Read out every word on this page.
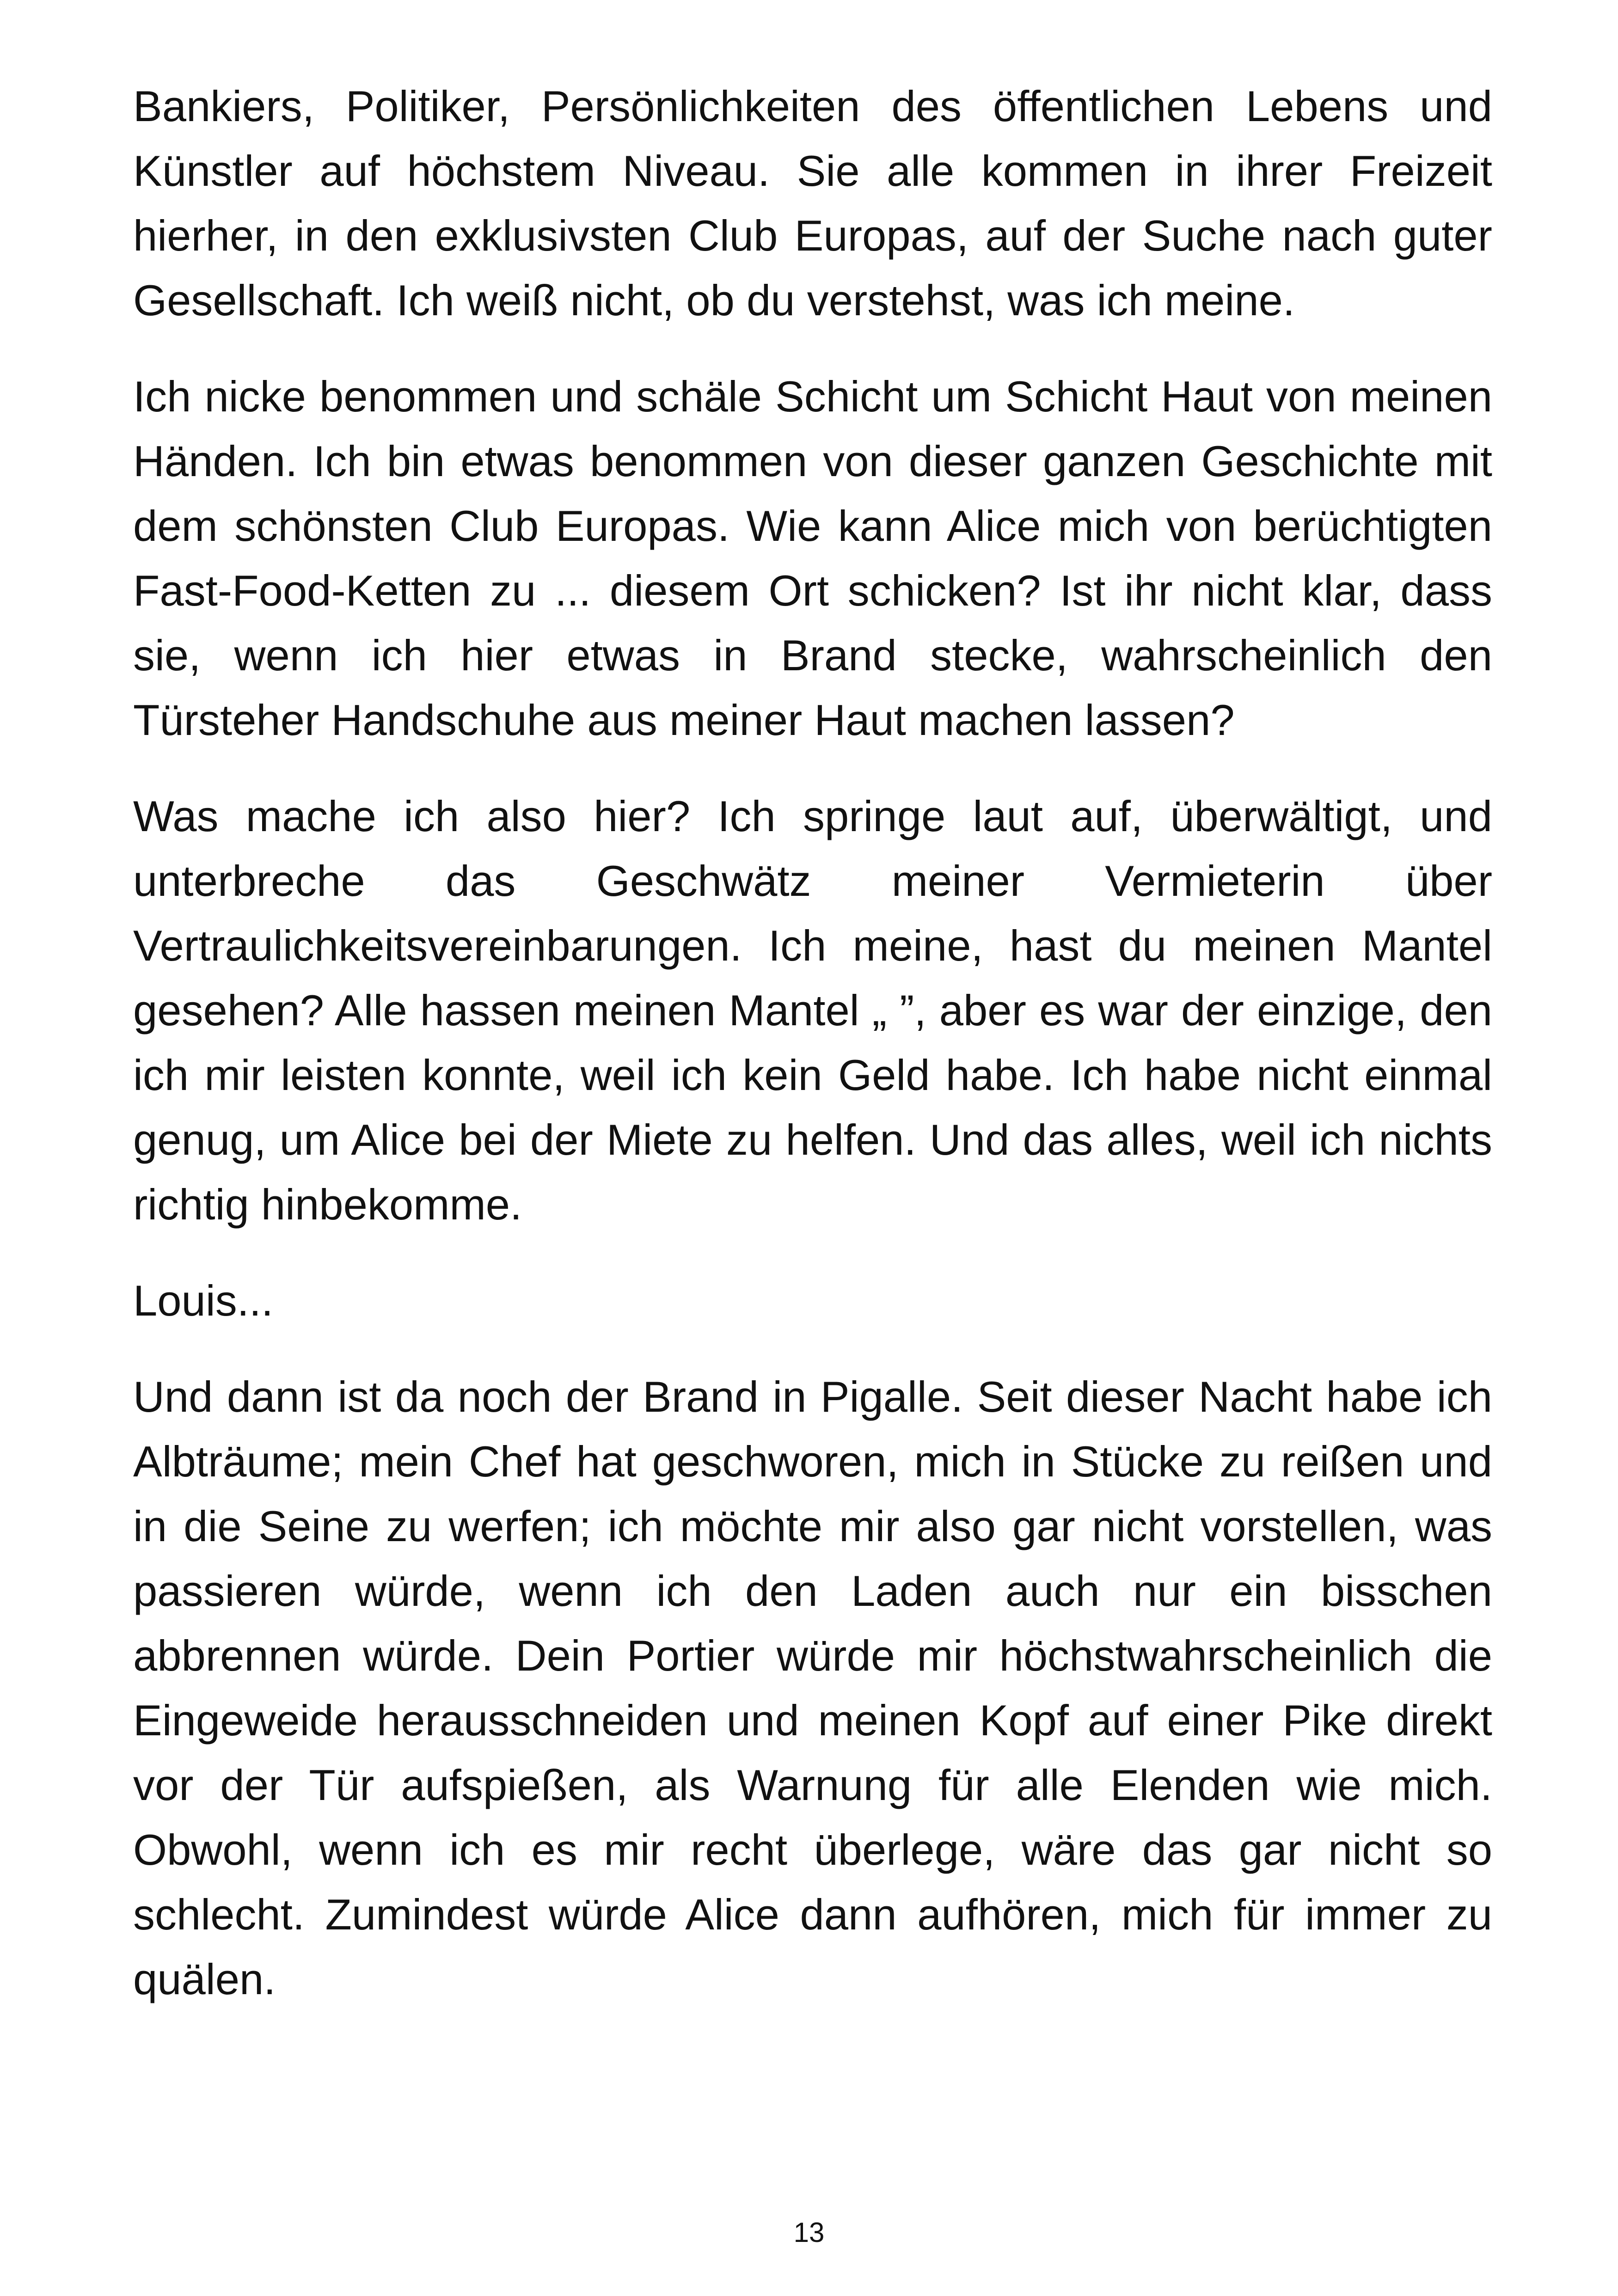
Bankiers, Politiker, Persönlichkeiten des öffentlichen Lebens und Künstler auf höchstem Niveau. Sie alle kommen in ihrer Freizeit hierher, in den exklusivsten Club Europas, auf der Suche nach guter Gesellschaft. Ich weiß nicht, ob du verstehst, was ich meine.

Ich nicke benommen und schäle Schicht um Schicht Haut von meinen Händen. Ich bin etwas benommen von dieser ganzen Geschichte mit dem schönsten Club Europas. Wie kann Alice mich von berüchtigten Fast-Food-Ketten zu ... diesem Ort schicken? Ist ihr nicht klar, dass sie, wenn ich hier etwas in Brand stecke, wahrscheinlich den Türsteher Handschuhe aus meiner Haut machen lassen?

Was mache ich also hier? Ich springe laut auf, überwältigt, und unterbreche das Geschwätz meiner Vermieterin über Vertraulichkeitsvereinbarungen. Ich meine, hast du meinen Mantel gesehen? Alle hassen meinen Mantel „ ”, aber es war der einzige, den ich mir leisten konnte, weil ich kein Geld habe. Ich habe nicht einmal genug, um Alice bei der Miete zu helfen. Und das alles, weil ich nichts richtig hinbekomme.

Louis...

Und dann ist da noch der Brand in Pigalle. Seit dieser Nacht habe ich Albträume; mein Chef hat geschworen, mich in Stücke zu reißen und in die Seine zu werfen; ich möchte mir also gar nicht vorstellen, was passieren würde, wenn ich den Laden auch nur ein bisschen abbrennen würde. Dein Portier würde mir höchstwahrscheinlich die Eingeweide herausschneiden und meinen Kopf auf einer Pike direkt vor der Tür aufspießen, als Warnung für alle Elenden wie mich. Obwohl, wenn ich es mir recht überlege, wäre das gar nicht so schlecht. Zumindest würde Alice dann aufhören, mich für immer zu quälen.

13
